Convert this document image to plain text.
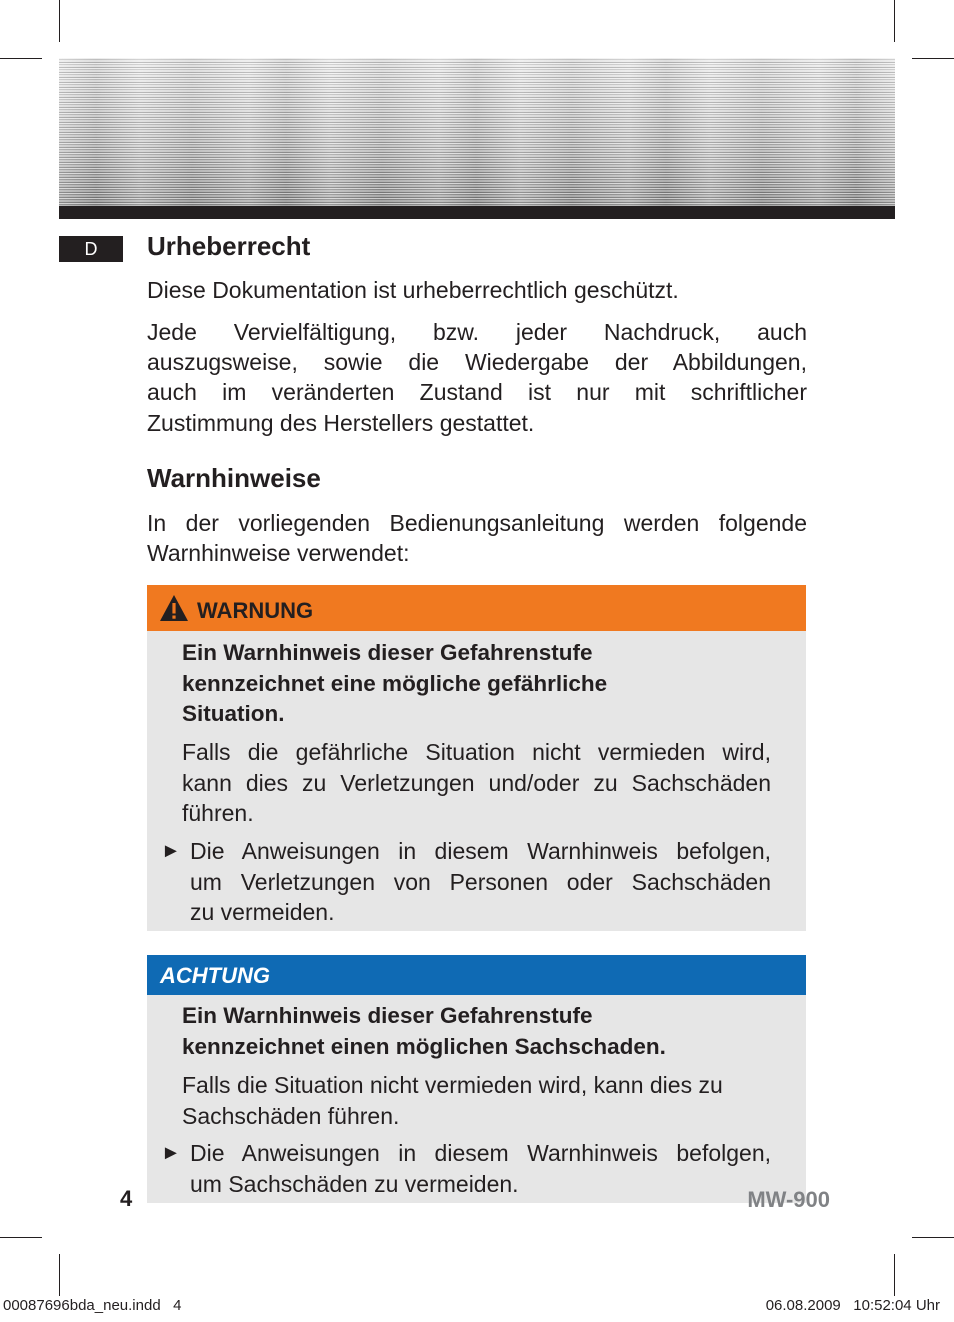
D	Urheberrecht

Diese Dokumentation ist urheberrechtlich geschützt.

Jede Vervielfältigung, bzw. jeder Nachdruck, auch
auszugsweise, sowie die Wiedergabe der Abbildungen,
auch im veränderten Zustand ist nur mit schriftlicher
Zustimmung des Herstellers gestattet.

Warnhinweise

In der vorliegenden Bedienungsanleitung werden folgende
Warnhinweise verwendet:

WARNUNG

Ein Warnhinweis dieser Gefahrenstufe
kennzeichnet eine mögliche gefährliche
Situation.

Falls die gefährliche Situation nicht vermieden wird,
kann dies zu Verletzungen und/oder zu Sachschäden
führen.

► Die Anweisungen in diesem Warnhinweis befolgen,
um Verletzungen von Personen oder Sachschäden
zu vermeiden.

ACHTUNG

Ein Warnhinweis dieser Gefahrenstufe
kennzeichnet einen möglichen Sachschaden.

Falls die Situation nicht vermieden wird, kann dies zu
Sachschäden führen.

► Die Anweisungen in diesem Warnhinweis befolgen,
um Sachschäden zu vermeiden.

4	MW-900
00087696bda_neu.indd   4	06.08.2009   10:52:04 Uhr
